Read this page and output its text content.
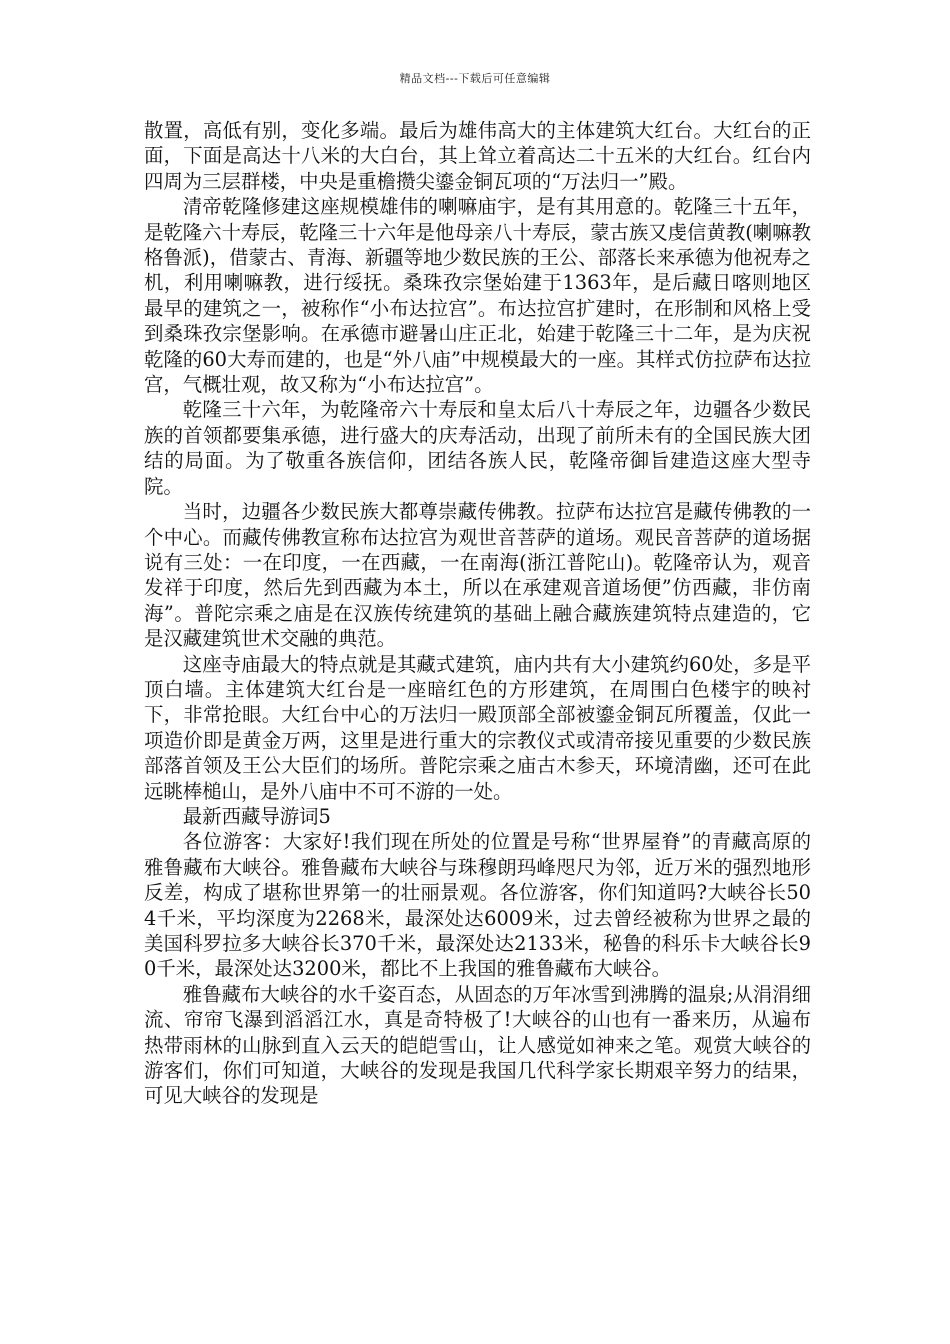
精品文档---下载后可任意编辑

散置，高低有别，变化多端。最后为雄伟高大的主体建筑大红台。大红台的正面，下面是高达十八米的大白台，其上耸立着高达二十五米的大红台。红台内四周为三层群楼，中央是重檐攒尖鎏金铜瓦项的“万法归一”殿。

清帝乾隆修建这座规模雄伟的喇嘛庙宇，是有其用意的。乾隆三十五年，是乾隆六十寿辰，乾隆三十六年是他母亲八十寿辰，蒙古族又虔信黄教(喇嘛教格鲁派)，借蒙古、青海、新疆等地少数民族的王公、部落长来承德为他祝寿之机，利用喇嘛教，进行绥抚。桑珠孜宗堡始建于1363年，是后藏日喀则地区最早的建筑之一，被称作“小布达拉宫”。布达拉宫扩建时，在形制和风格上受到桑珠孜宗堡影响。在承德市避暑山庄正北，始建于乾隆三十二年，是为庆祝乾隆的60大寿而建的，也是“外八庙”中规模最大的一座。其样式仿拉萨布达拉宫，气概壮观，故又称为“小布达拉宫”。

乾隆三十六年，为乾隆帝六十寿辰和皇太后八十寿辰之年，边疆各少数民族的首领都要集承德，进行盛大的庆寿活动，出现了前所未有的全国民族大团结的局面。为了敬重各族信仰，团结各族人民，乾隆帝御旨建造这座大型寺院。

当时，边疆各少数民族大都尊崇藏传佛教。拉萨布达拉宫是藏传佛教的一个中心。而藏传佛教宣称布达拉宫为观世音菩萨的道场。观民音菩萨的道场据说有三处：一在印度，一在西藏，一在南海(浙江普陀山)。乾隆帝认为，观音发祥于印度，然后先到西藏为本土，所以在承建观音道场便”仿西藏，非仿南海”。普陀宗乘之庙是在汉族传统建筑的基础上融合藏族建筑特点建造的，它是汉藏建筑世术交融的典范。

这座寺庙最大的特点就是其藏式建筑，庙内共有大小建筑约60处，多是平顶白墙。主体建筑大红台是一座暗红色的方形建筑，在周围白色楼宇的映衬下，非常抢眼。大红台中心的万法归一殿顶部全部被鎏金铜瓦所覆盖，仅此一项造价即是黄金万两，这里是进行重大的宗教仪式或清帝接见重要的少数民族部落首领及王公大臣们的场所。普陀宗乘之庙古木参天，环境清幽，还可在此远眺棒槌山，是外八庙中不可不游的一处。

最新西藏导游词5

各位游客：大家好!我们现在所处的位置是号称“世界屋脊”的青藏高原的雅鲁藏布大峡谷。雅鲁藏布大峡谷与珠穆朗玛峰咫尺为邻，近万米的强烈地形反差，构成了堪称世界第一的壮丽景观。各位游客，你们知道吗?大峡谷长504千米，平均深度为2268米，最深处达6009米，过去曾经被称为世界之最的美国科罗拉多大峡谷长370千米，最深处达2133米，秘鲁的科乐卡大峡谷长90千米，最深处达3200米，都比不上我国的雅鲁藏布大峡谷。

雅鲁藏布大峡谷的水千姿百态，从固态的万年冰雪到沸腾的温泉;从涓涓细流、帘帘飞瀑到滔滔江水，真是奇特极了!大峡谷的山也有一番来历，从遍布热带雨林的山脉到直入云天的皑皑雪山，让人感觉如神来之笔。观赏大峡谷的游客们，你们可知道，大峡谷的发现是我国几代科学家长期艰辛努力的结果，可见大峡谷的发现是
